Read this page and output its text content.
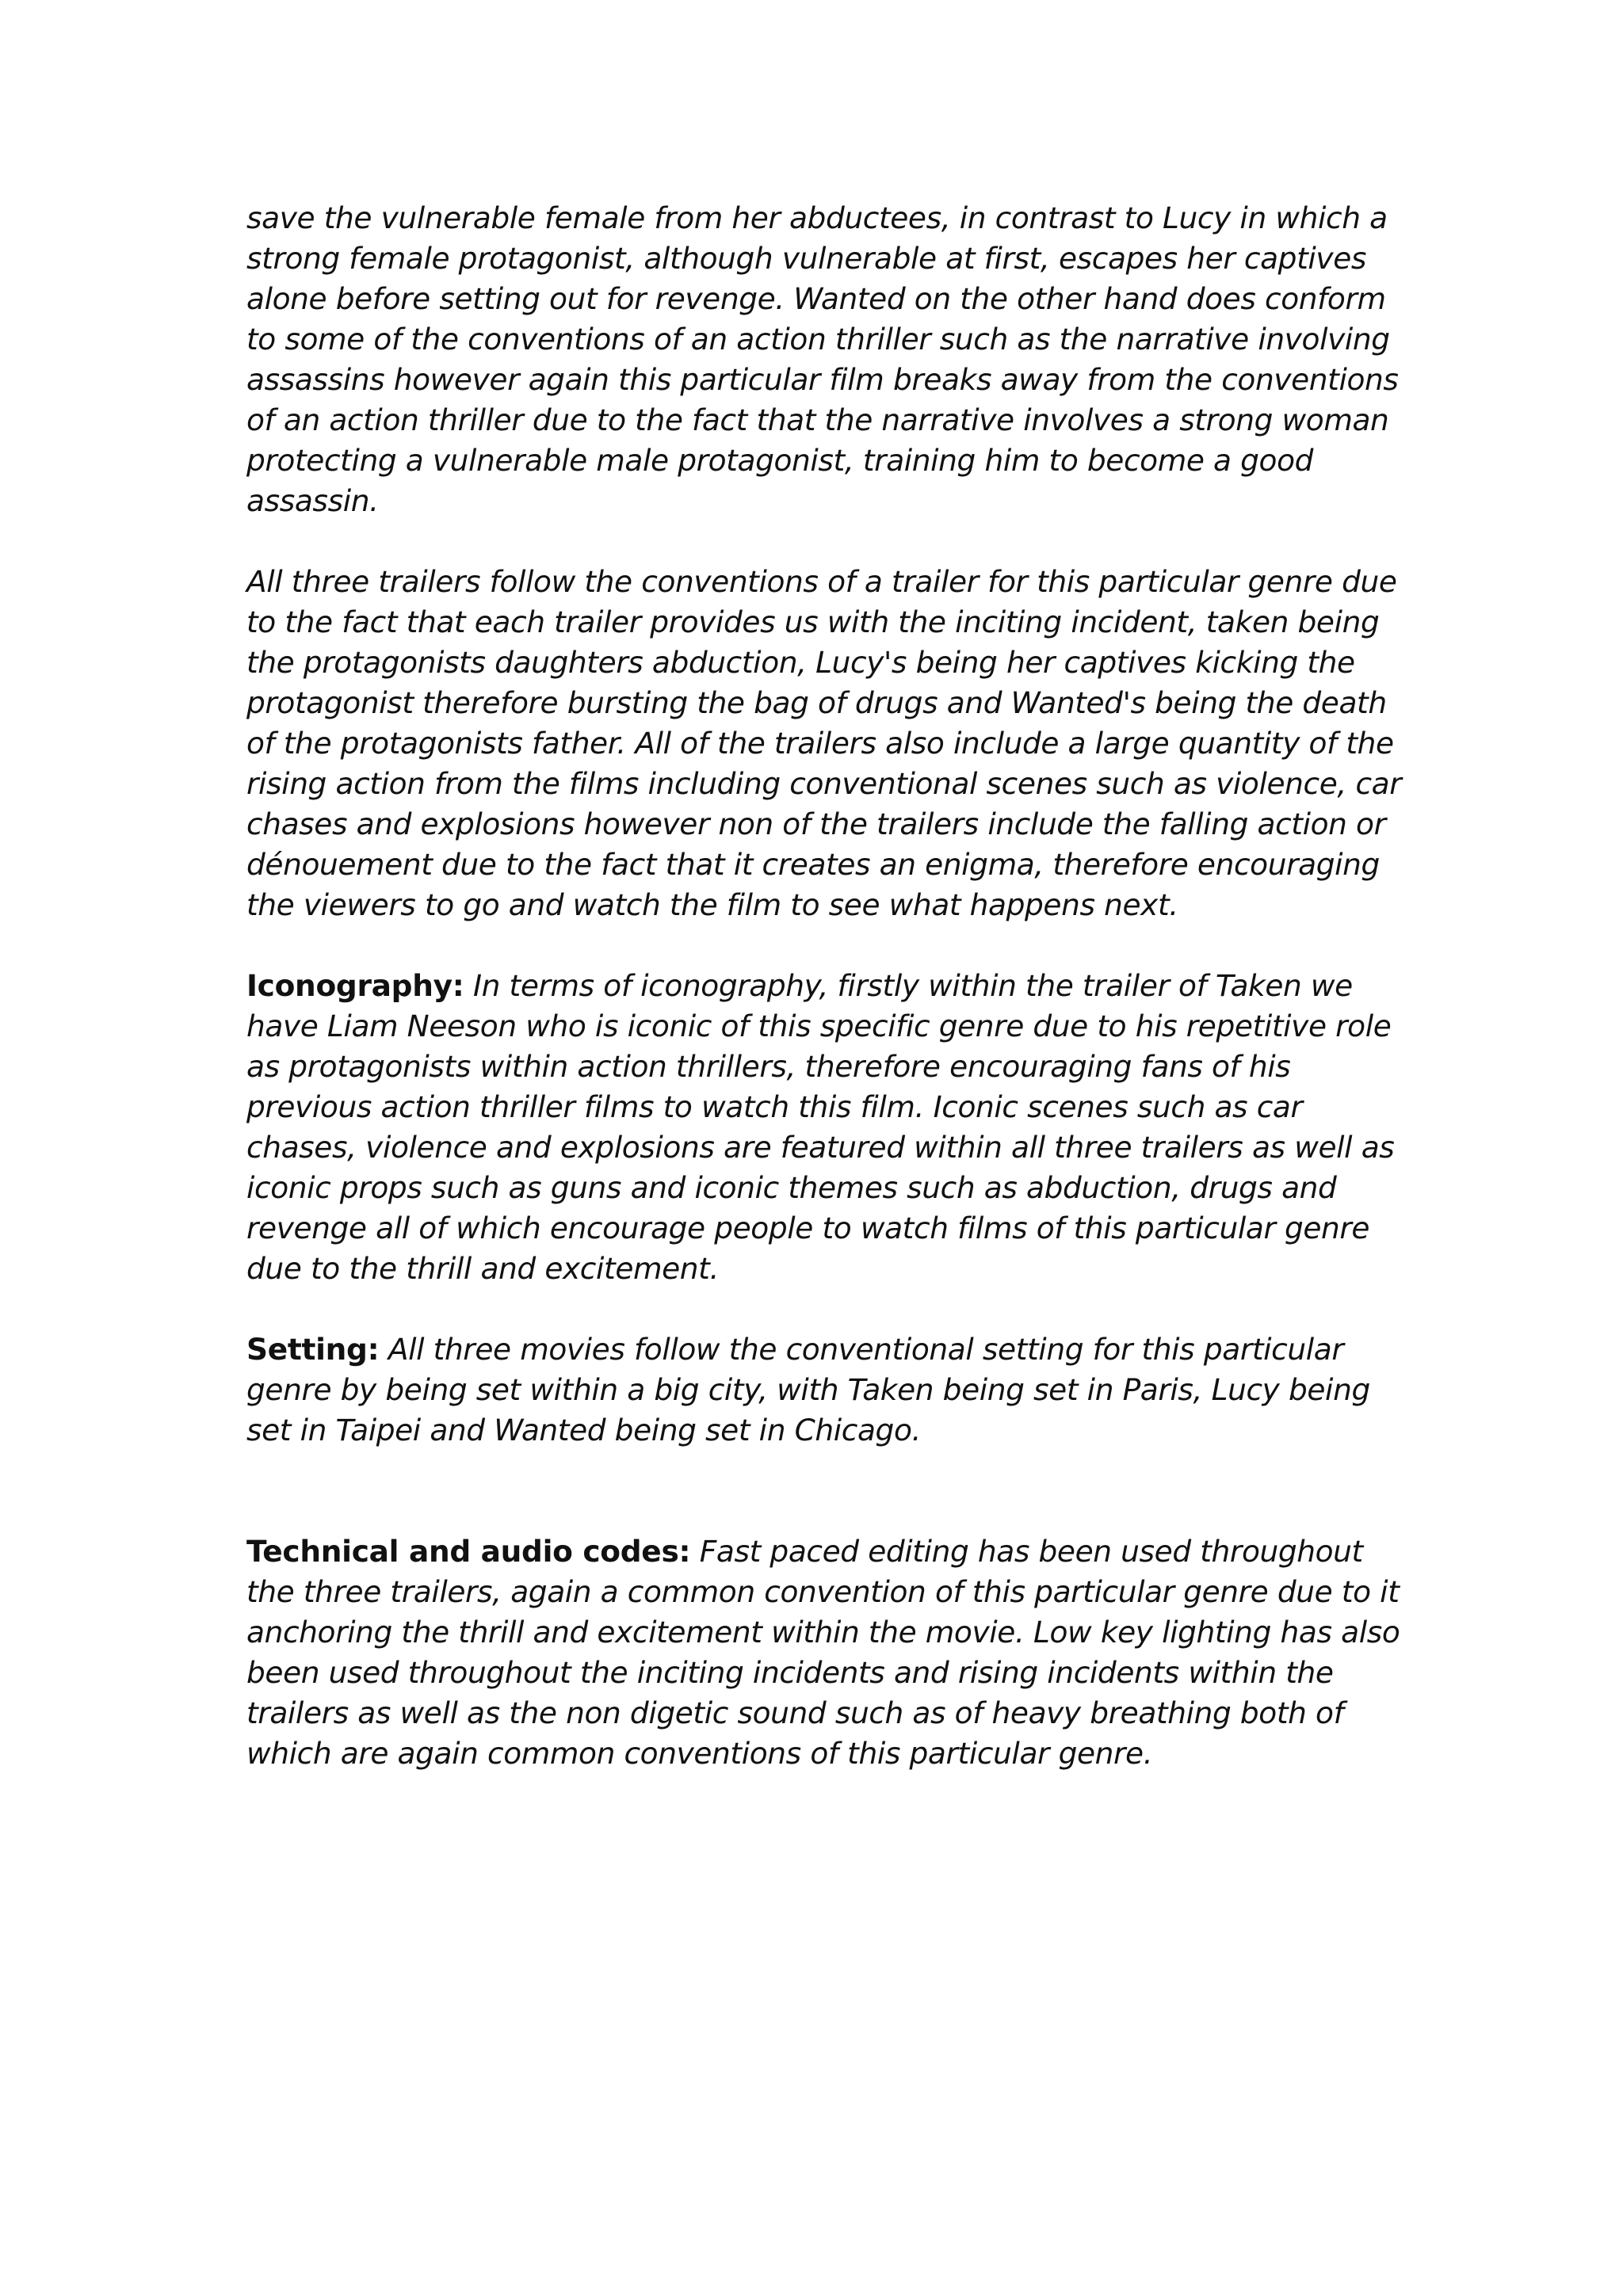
save the vulnerable female from her abductees, in contrast to Lucy in which a strong female protagonist, although vulnerable at first, escapes her captives alone before setting out for revenge. Wanted on the other hand does conform to some of the conventions of an action thriller such as the narrative involving assassins however again this particular film breaks away from the conventions of an action thriller due to the fact that the narrative involves a strong woman protecting a vulnerable male protagonist, training him to become a good assassin.

All three trailers follow the conventions of a trailer for this particular genre due to the fact that each trailer provides us with the inciting incident, taken being the protagonists daughters abduction, Lucy's being her captives kicking the protagonist therefore bursting the bag of drugs and Wanted's being the death of the protagonists father. All of the trailers also include a large quantity of the rising action from the films including conventional scenes such as violence, car chases and explosions however non of the trailers include the falling action or dénouement due to the fact that it creates an enigma, therefore encouraging the viewers to go and watch the film to see what happens next.

Iconography: In terms of iconography, firstly within the trailer of Taken we have Liam Neeson who is iconic of this specific genre due to his repetitive role as protagonists within action thrillers, therefore encouraging fans of his previous action thriller films to watch this film. Iconic scenes such as car chases, violence and explosions are featured within all three trailers as well as iconic props such as guns and iconic themes such as abduction, drugs and revenge all of which encourage people to watch films of this particular genre due to the thrill and excitement.

Setting: All three movies follow the conventional setting for this particular genre by being set within a big city, with Taken being set in Paris, Lucy being set in Taipei and Wanted being set in Chicago.

Technical and audio codes: Fast paced editing has been used throughout the three trailers, again a common convention of this particular genre due to it anchoring the thrill and excitement within the movie. Low key lighting has also been used throughout the inciting incidents and rising incidents within the trailers as well as the non digetic sound such as of heavy breathing both of which are again common conventions of this particular genre.
